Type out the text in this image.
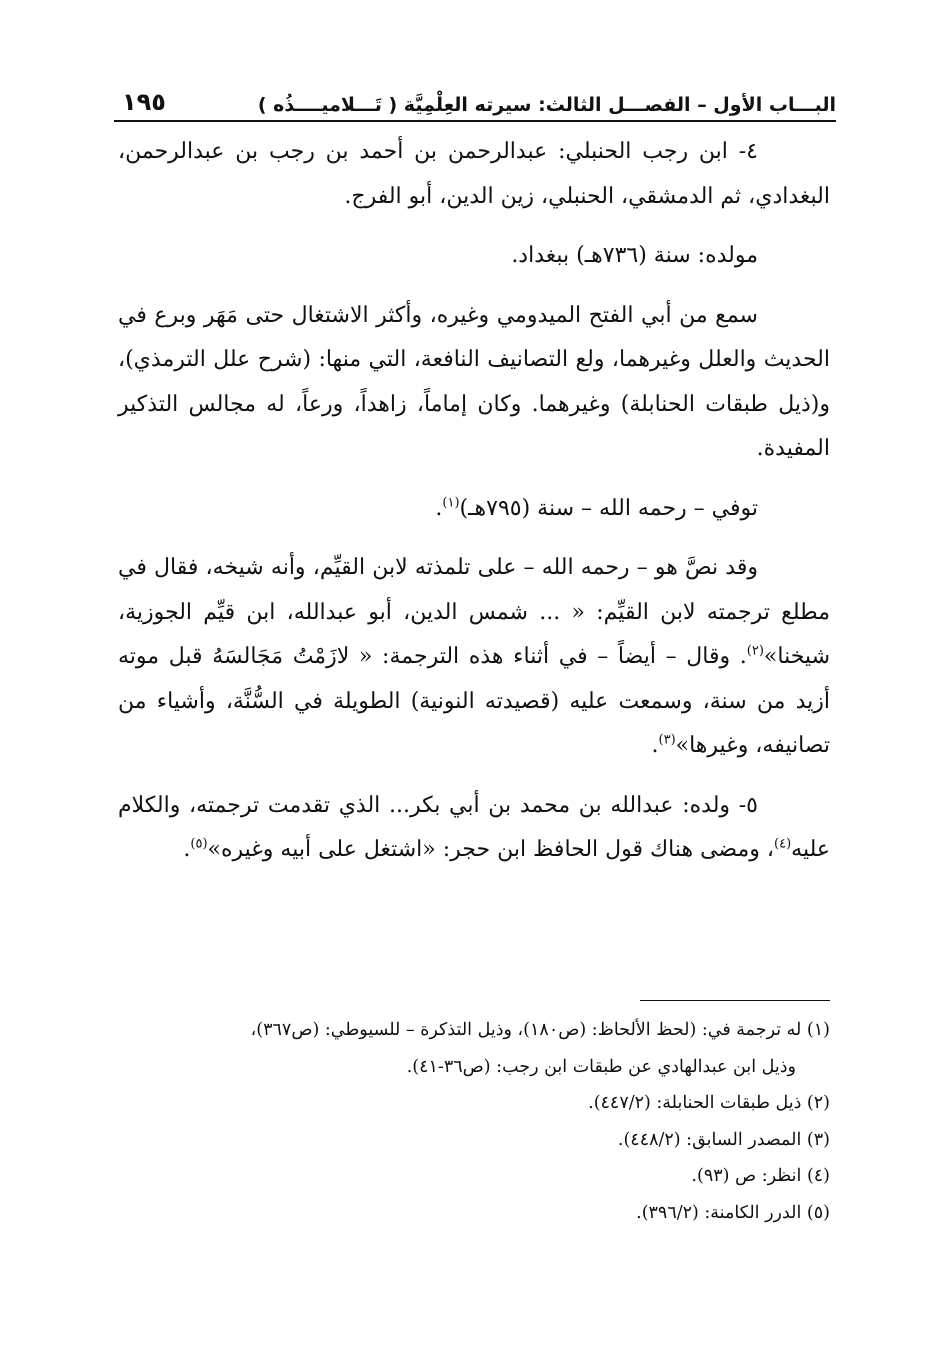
البـــاب الأول – الفصـــل الثالث: سيرته العِلْمِيَّة ( تَـــلاميــــذُه )
١٩٥

٤- ابن رجب الحنبلي: عبدالرحمن بن أحمد بن رجب بن عبدالرحمن، البغدادي، ثم الدمشقي، الحنبلي، زين الدين، أبو الفرج.

مولده: سنة (٧٣٦هـ) ببغداد.

سمع من أبي الفتح الميدومي وغيره، وأكثر الاشتغال حتى مَهَر وبرع في الحديث والعلل وغيرهما، ولع التصانيف النافعة، التي منها: (شرح علل الترمذي)، و(ذيل طبقات الحنابلة) وغيرهما. وكان إماماً، زاهداً، ورعاً، له مجالس التذكير المفيدة.

توفي – رحمه الله – سنة (٧٩٥هـ)$^{(١)}$.

وقد نصَّ هو – رحمه الله – على تلمذته لابن القيِّم، وأنه شيخه، فقال في مطلع ترجمته لابن القيِّم: « ... شمس الدين، أبو عبدالله، ابن قيِّم الجوزية، شيخنا»$^{(٢)}$. وقال – أيضاً – في أثناء هذه الترجمة: « لازَمْتُ مَجَالسَهُ قبل موته أزيد من سنة، وسمعت عليه (قصيدته النونية) الطويلة في السُّنَّة، وأشياء من تصانيفه، وغيرها»$^{(٣)}$.

٥- ولده: عبدالله بن محمد بن أبي بكر... الذي تقدمت ترجمته، والكلام عليه$^{(٤)}$، ومضى هناك قول الحافظ ابن حجر: «اشتغل على أبيه وغيره»$^{(٥)}$.

(١) له ترجمة في: (لحظ الألحاظ: (ص١٨٠)، وذيل التذكرة – للسيوطي: (ص٣٦٧)،
وذيل ابن عبدالهادي عن طبقات ابن رجب: (ص٣٦-٤١).
(٢) ذيل طبقات الحنابلة: (٤٤٧/٢).
(٣) المصدر السابق: (٤٤٨/٢).
(٤) انظر: ص (٩٣).
(٥) الدرر الكامنة: (٣٩٦/٢).
